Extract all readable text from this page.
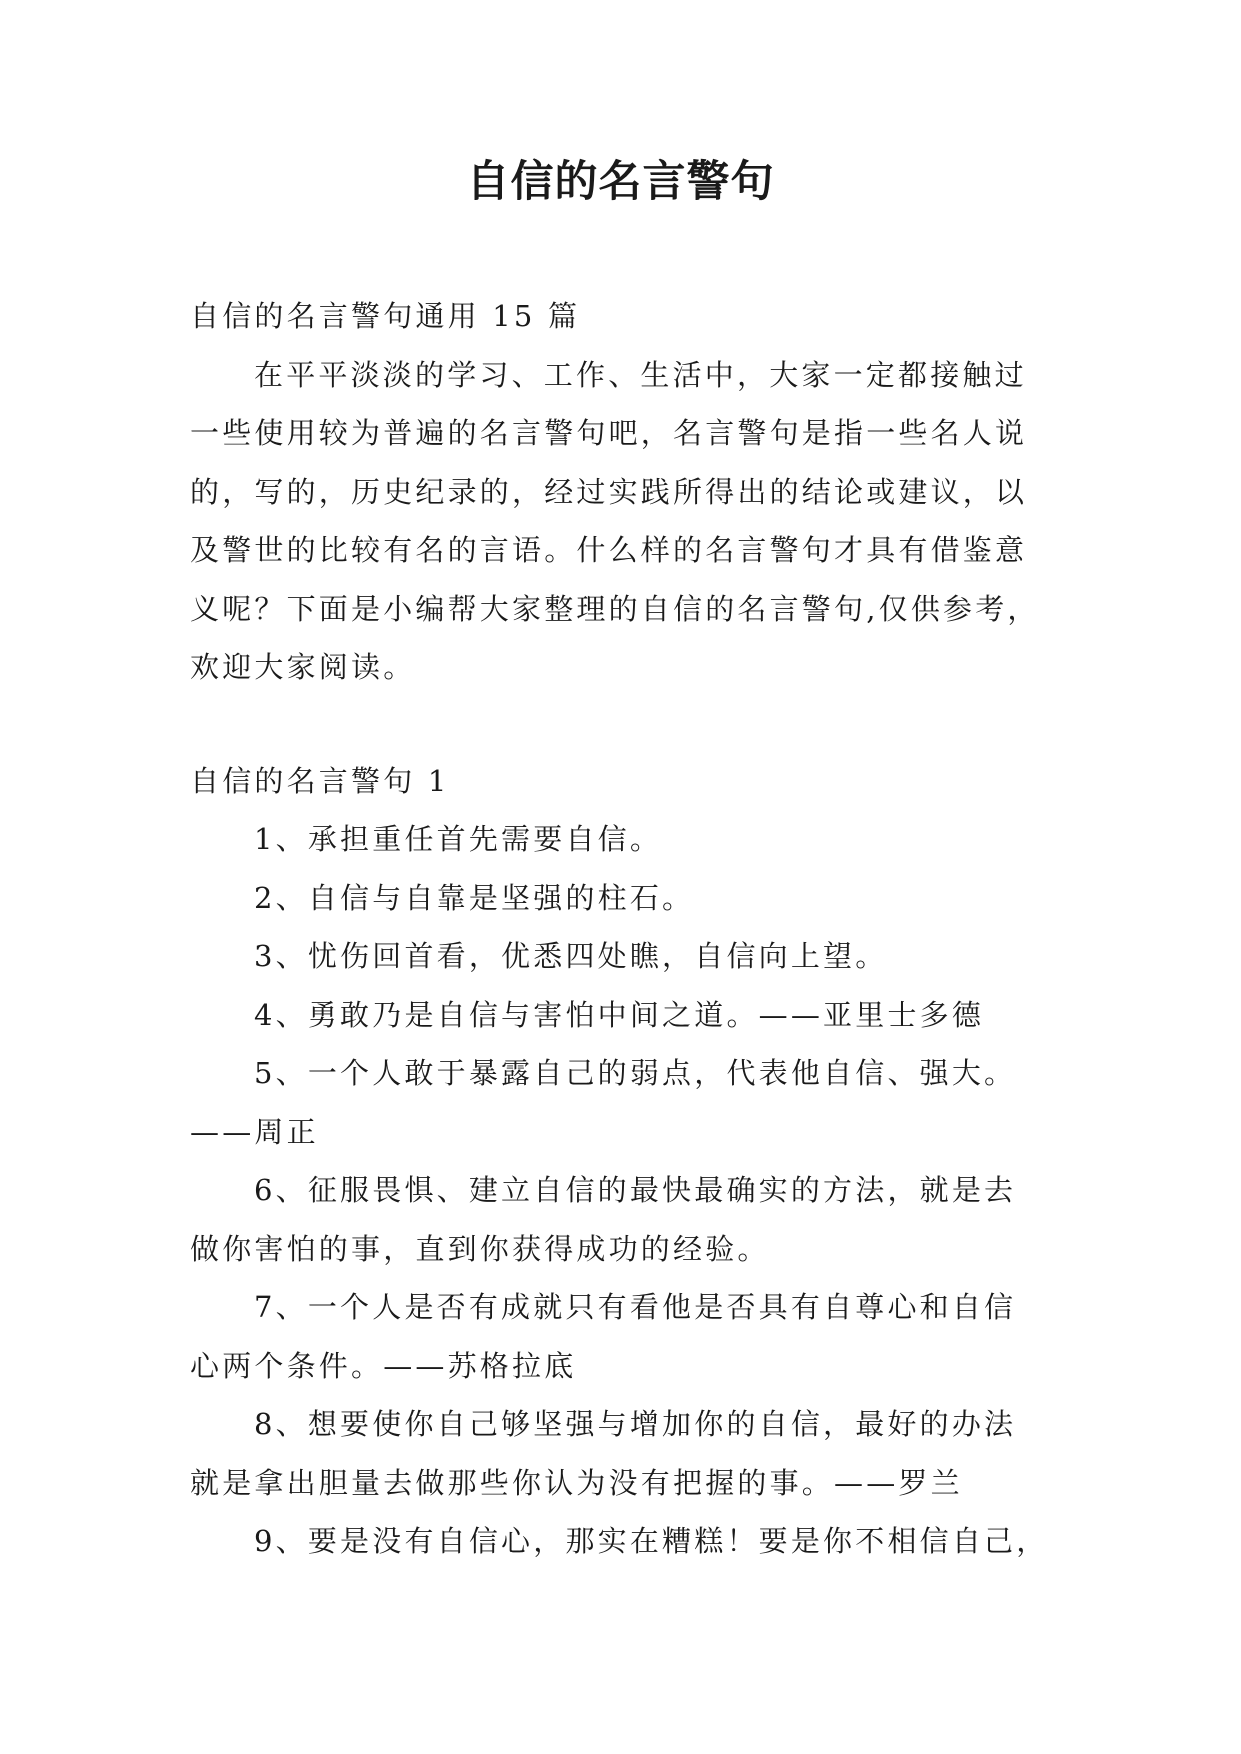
自信的名言警句

自信的名言警句通用 15 篇

在平平淡淡的学习、工作、生活中，大家一定都接触过

一些使用较为普遍的名言警句吧，名言警句是指一些名人说

的，写的，历史纪录的，经过实践所得出的结论或建议，以

及警世的比较有名的言语。什么样的名言警句才具有借鉴意

义呢？下面是小编帮大家整理的自信的名言警句,仅供参考，

欢迎大家阅读。

自信的名言警句 1

1、承担重任首先需要自信。

2、自信与自靠是坚强的柱石。

3、忧伤回首看，优悉四处瞧，自信向上望。

4、勇敢乃是自信与害怕中间之道。——亚里士多德

5、一个人敢于暴露自己的弱点，代表他自信、强大。

——周正

6、征服畏惧、建立自信的最快最确实的方法，就是去

做你害怕的事，直到你获得成功的经验。

7、一个人是否有成就只有看他是否具有自尊心和自信

心两个条件。——苏格拉底

8、想要使你自己够坚强与增加你的自信，最好的办法

就是拿出胆量去做那些你认为没有把握的事。——罗兰

9、要是没有自信心，那实在糟糕！要是你不相信自己，
